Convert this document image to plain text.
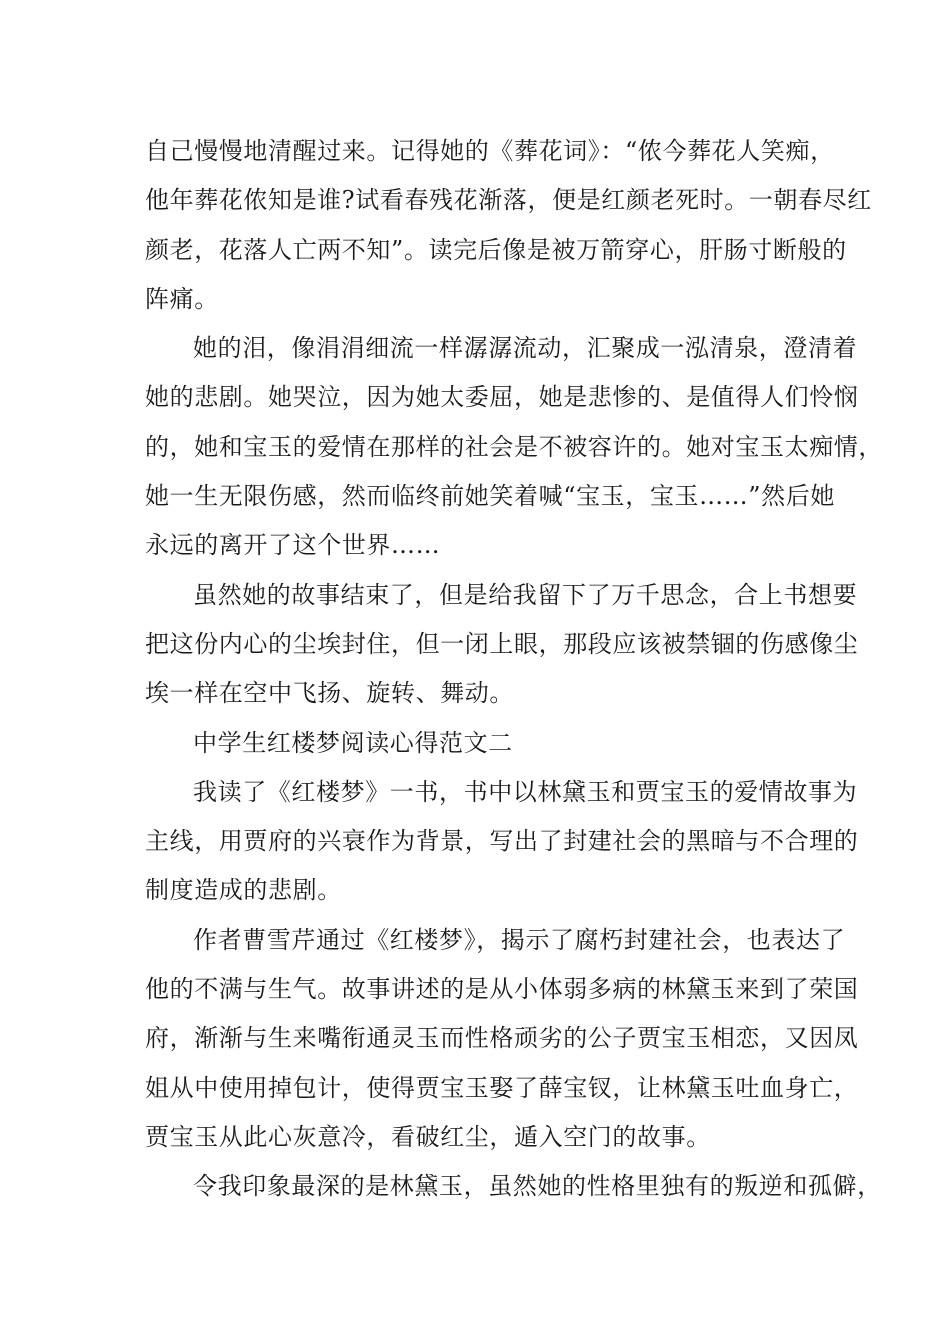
自己慢慢地清醒过来。记得她的《葬花词》：“侬今葬花人笑痴，
他年葬花侬知是谁?试看春残花渐落，便是红颜老死时。一朝春尽红
颜老，花落人亡两不知”。读完后像是被万箭穿心，肝肠寸断般的
阵痛。
她的泪，像涓涓细流一样潺潺流动，汇聚成一泓清泉，澄清着
她的悲剧。她哭泣，因为她太委屈，她是悲惨的、是值得人们怜悯
的，她和宝玉的爱情在那样的社会是不被容许的。她对宝玉太痴情，
她一生无限伤感，然而临终前她笑着喊“宝玉，宝玉……”然后她
永远的离开了这个世界……
虽然她的故事结束了，但是给我留下了万千思念，合上书想要
把这份内心的尘埃封住，但一闭上眼，那段应该被禁锢的伤感像尘
埃一样在空中飞扬、旋转、舞动。
中学生红楼梦阅读心得范文二
我读了《红楼梦》一书，书中以林黛玉和贾宝玉的爱情故事为
主线，用贾府的兴衰作为背景，写出了封建社会的黑暗与不合理的
制度造成的悲剧。
作者曹雪芹通过《红楼梦》，揭示了腐朽封建社会，也表达了
他的不满与生气。故事讲述的是从小体弱多病的林黛玉来到了荣国
府，渐渐与生来嘴衔通灵玉而性格顽劣的公子贾宝玉相恋，又因凤
姐从中使用掉包计，使得贾宝玉娶了薛宝钗，让林黛玉吐血身亡，
贾宝玉从此心灰意冷，看破红尘，遁入空门的故事。
令我印象最深的是林黛玉，虽然她的性格里独有的叛逆和孤僻，
